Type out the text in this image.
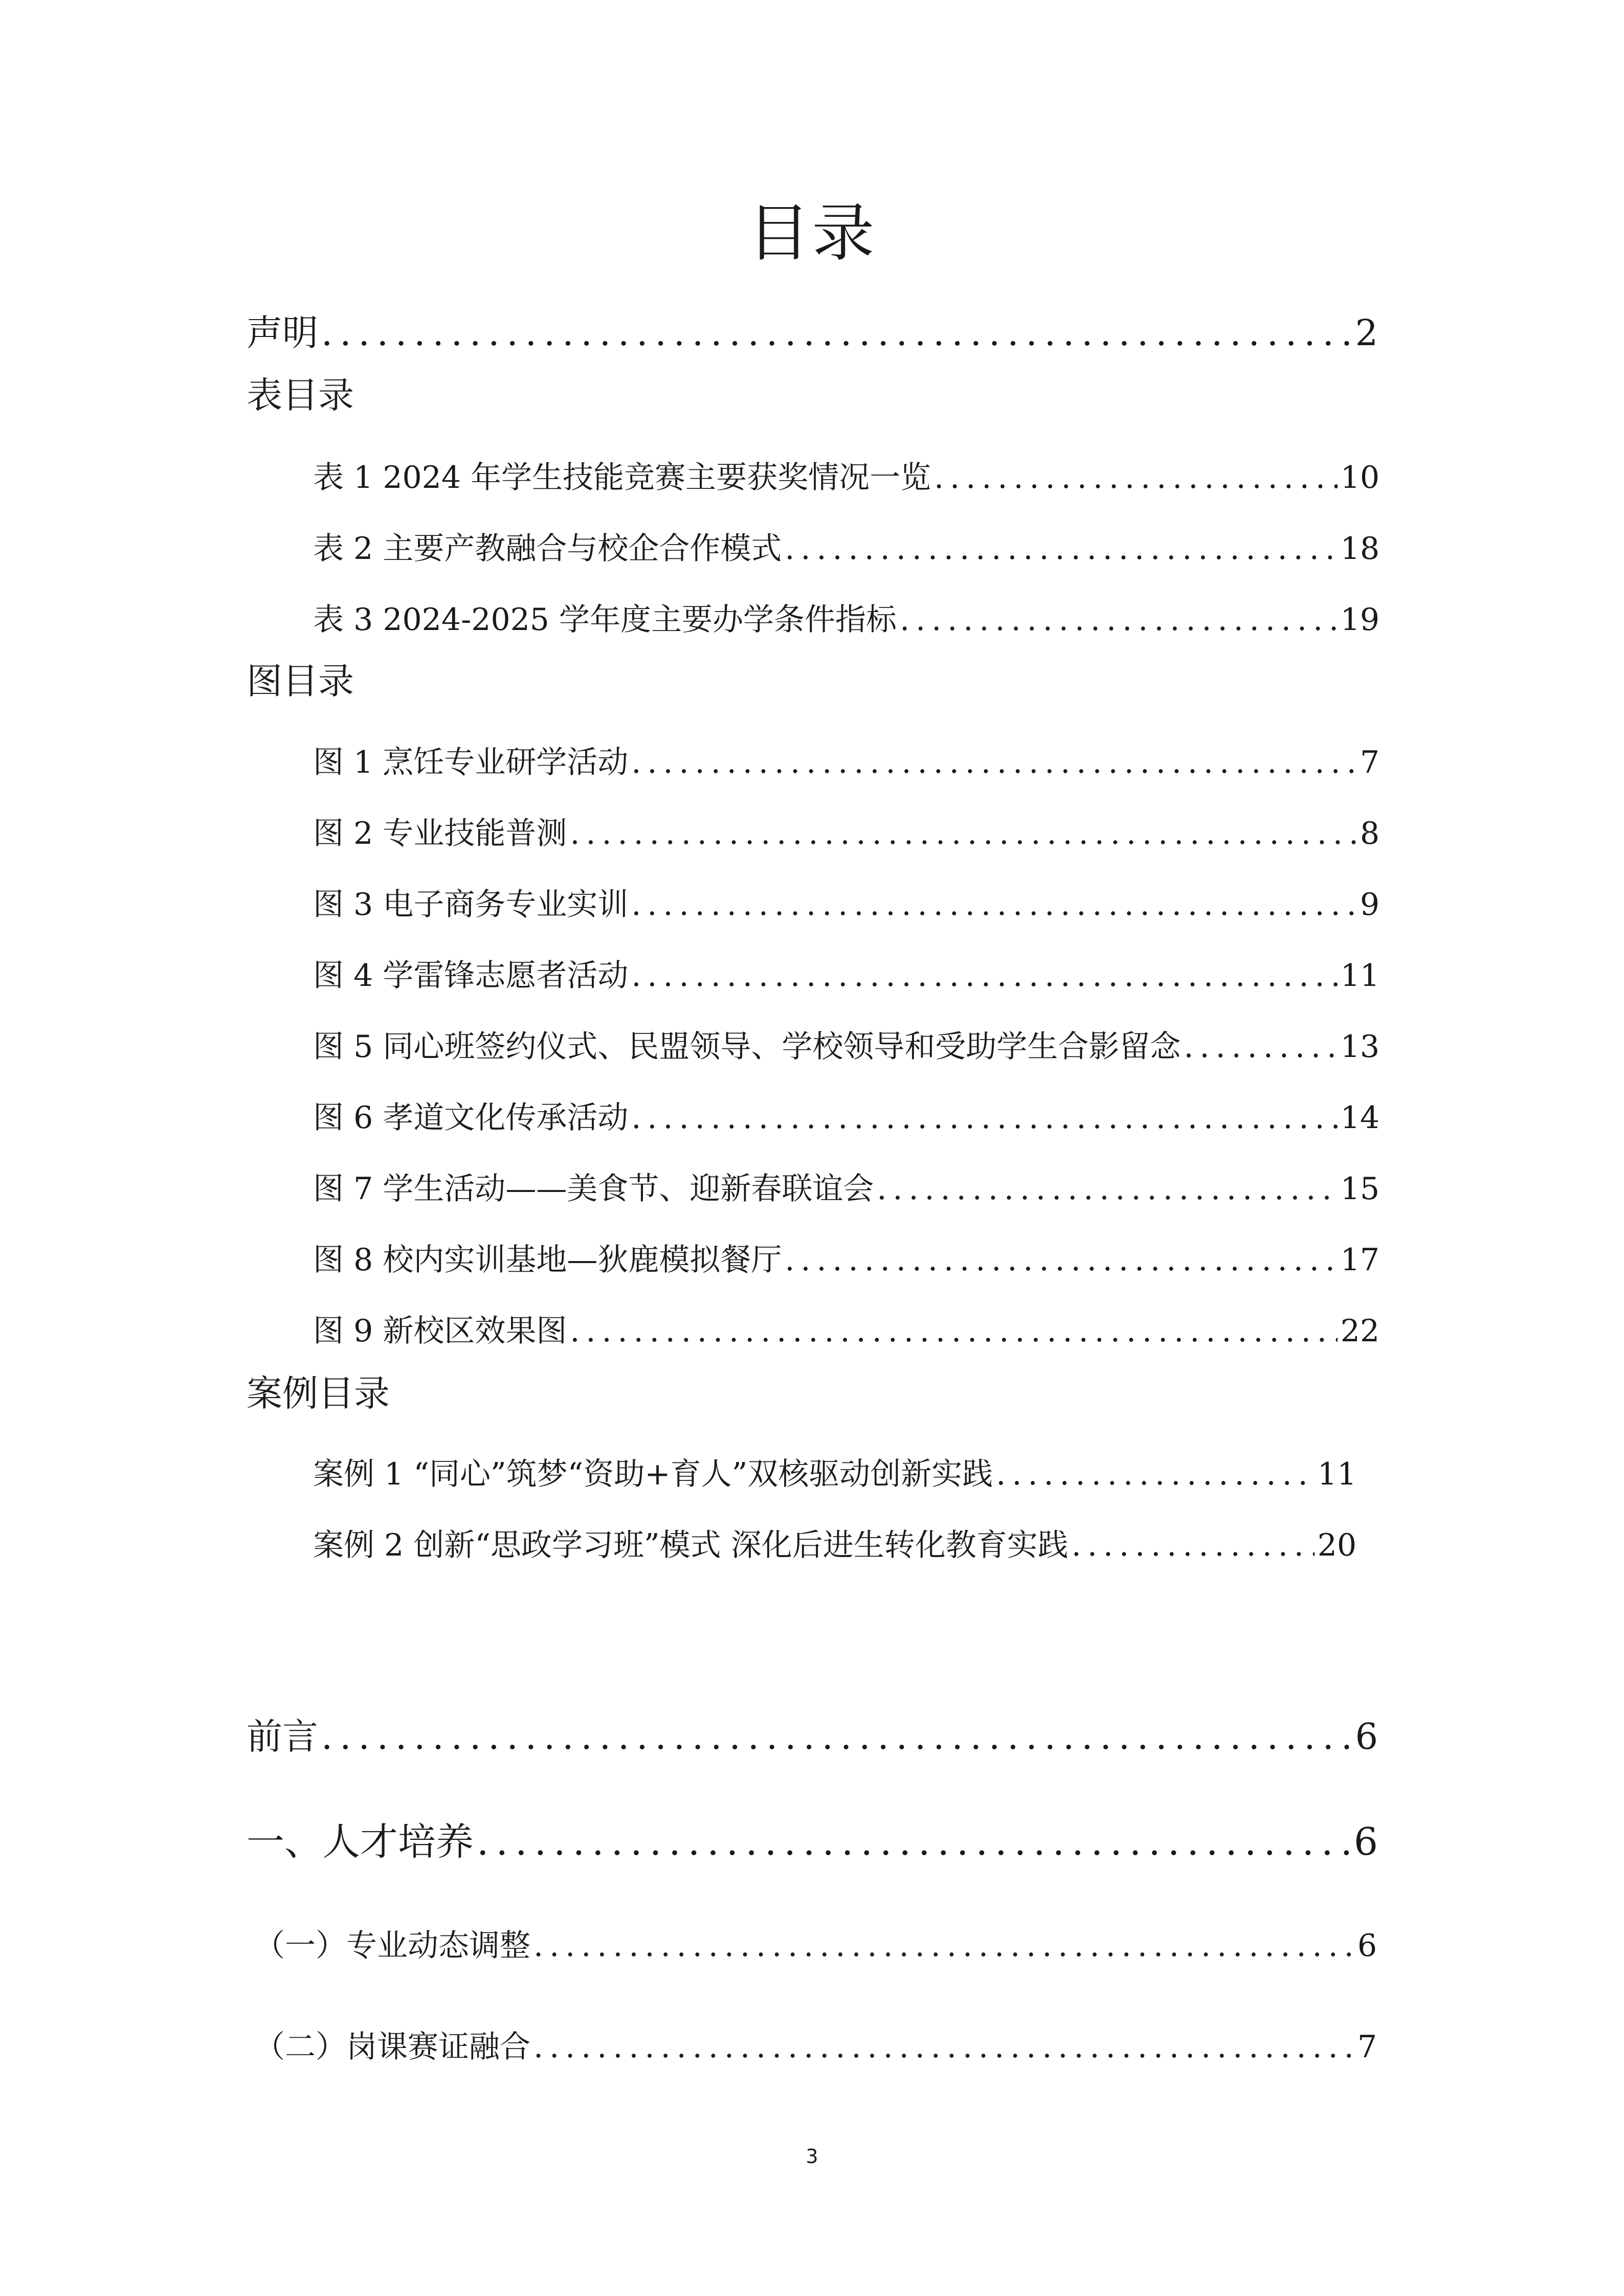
目录
声明 .....	2
表目录
表 1 2024 年学生技能竞赛主要获奖情况一览 .....	10
表 2 主要产教融合与校企合作模式 .....	18
表 3 2024-2025 学年度主要办学条件指标 .....	19
图目录
图 1 烹饪专业研学活动 .....	7
图 2 专业技能普测 .....	8
图 3 电子商务专业实训 .....	9
图 4 学雷锋志愿者活动 .....	11
图 5 同心班签约仪式、民盟领导、学校领导和受助学生合影留念 .....	13
图 6 孝道文化传承活动 .....	14
图 7 学生活动——美食节、迎新春联谊会 .....	15
图 8 校内实训基地—狄鹿模拟餐厅 .....	17
图 9 新校区效果图 .....	22
案例目录
案例 1 “同心”筑梦“资助+育人”双核驱动创新实践 .....	11
案例 2 创新“思政学习班”模式 深化后进生转化教育实践 .....	20
前言 .....	6
一、人才培养 .....	6
（一）专业动态调整 .....	6
（二）岗课赛证融合 .....	7
3
